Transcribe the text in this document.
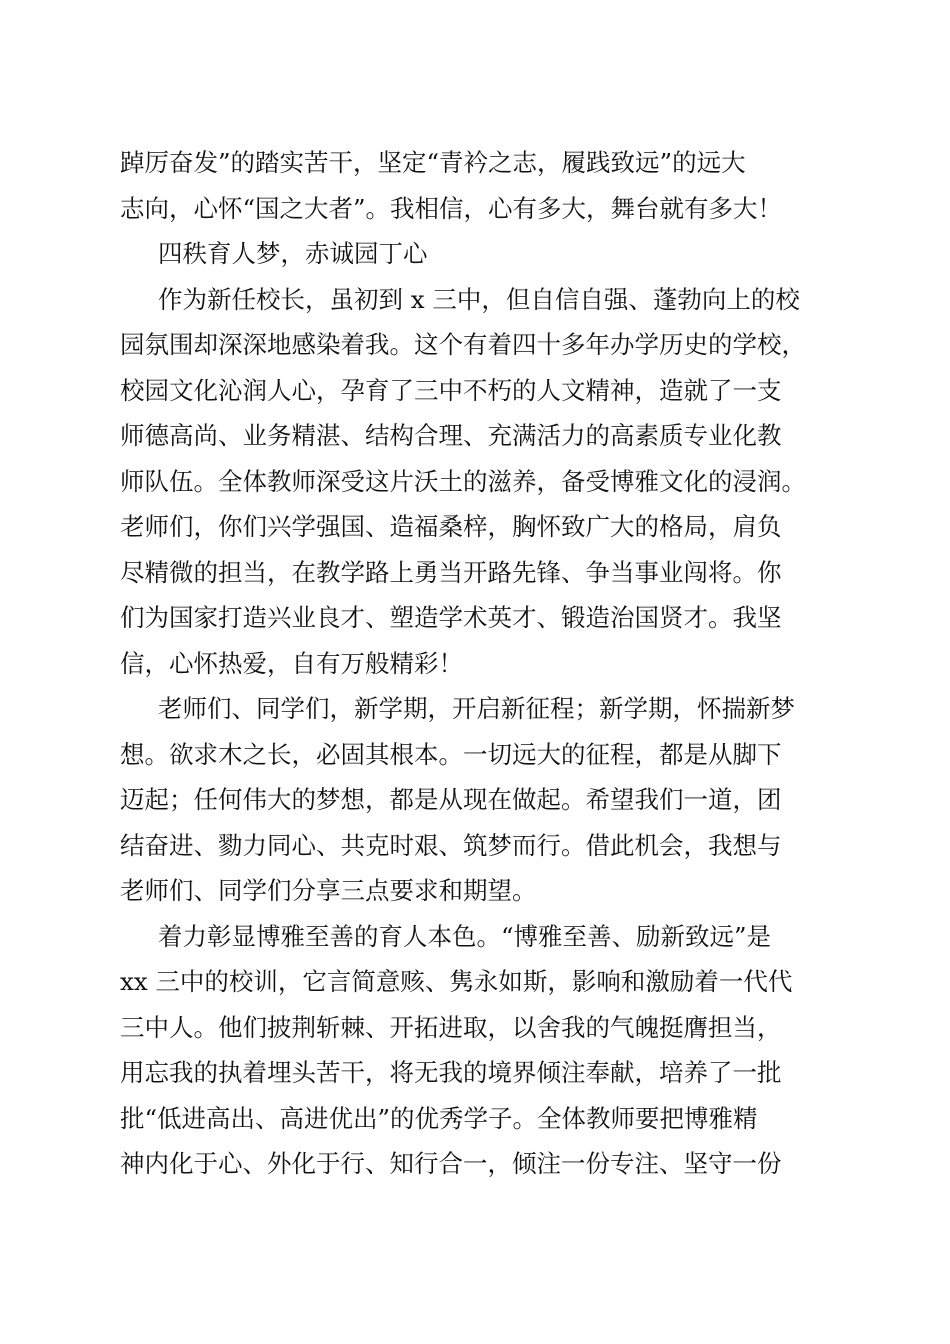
踔厉奋发”的踏实苦干，坚定“青衿之志，履践致远”的远大
志向，心怀“国之大者”。我相信，心有多大，舞台就有多大！
四秩育人梦，赤诚园丁心
作为新任校长，虽初到 x 三中，但自信自强、蓬勃向上的校
园氛围却深深地感染着我。这个有着四十多年办学历史的学校，
校园文化沁润人心，孕育了三中不朽的人文精神，造就了一支
师德高尚、业务精湛、结构合理、充满活力的高素质专业化教
师队伍。全体教师深受这片沃土的滋养，备受博雅文化的浸润。
老师们，你们兴学强国、造福桑梓，胸怀致广大的格局，肩负
尽精微的担当，在教学路上勇当开路先锋、争当事业闯将。你
们为国家打造兴业良才、塑造学术英才、锻造治国贤才。我坚
信，心怀热爱，自有万般精彩！
老师们、同学们，新学期，开启新征程；新学期，怀揣新梦
想。欲求木之长，必固其根本。一切远大的征程，都是从脚下
迈起；任何伟大的梦想，都是从现在做起。希望我们一道，团
结奋进、勠力同心、共克时艰、筑梦而行。借此机会，我想与
老师们、同学们分享三点要求和期望。
着力彰显博雅至善的育人本色。“博雅至善、励新致远”是
xx 三中的校训，它言简意赅、隽永如斯，影响和激励着一代代
三中人。他们披荆斩棘、开拓进取，以舍我的气魄挺膺担当，
用忘我的执着埋头苦干，将无我的境界倾注奉献，培养了一批
批“低进高出、高进优出”的优秀学子。全体教师要把博雅精
神内化于心、外化于行、知行合一，倾注一份专注、坚守一份
